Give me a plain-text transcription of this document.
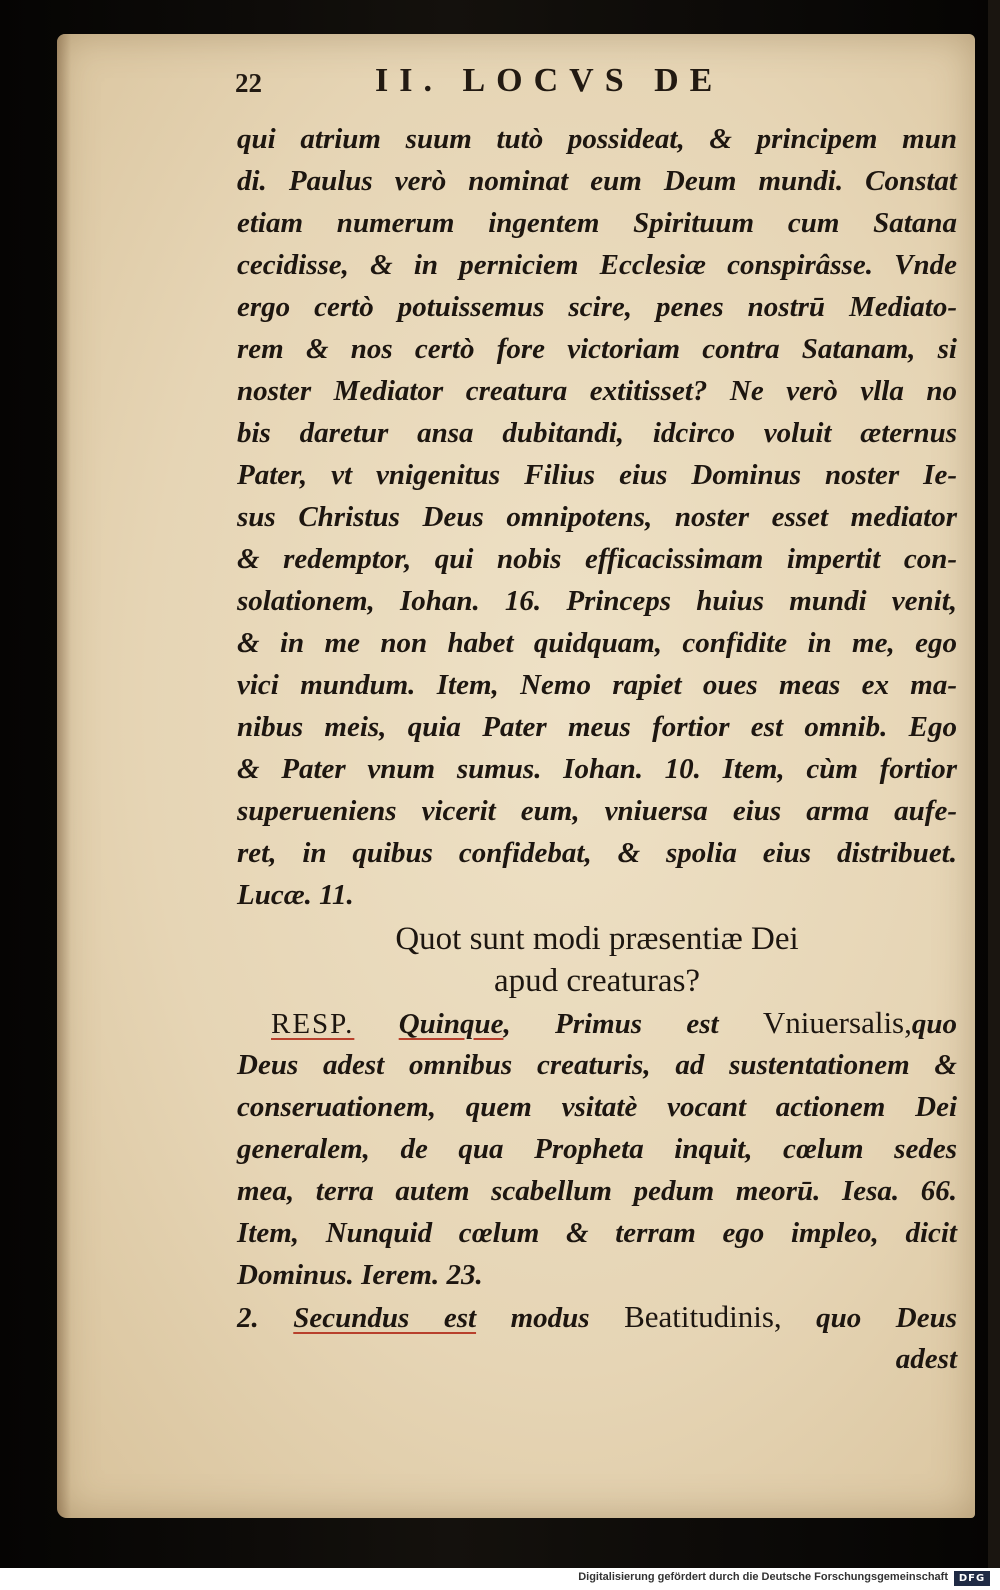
22	II. LOCVS DE
qui atrium suum tutò possideat, & principem mun
di. Paulus verò nominat eum Deum mundi. Constat
etiam numerum ingentem Spirituum cum Satana
cecidisse, & in perniciem Ecclesiæ conspirâsse. Vnde
ergo certò potuissemus scire, penes nostrū Mediato-
rem & nos certò fore victoriam contra Satanam, si
noster Mediator creatura extitisset? Ne verò vlla no
bis daretur ansa dubitandi, idcirco voluit æternus
Pater, vt vnigenitus Filius eius Dominus noster Ie-
sus Christus Deus omnipotens, noster esset mediator
& redemptor, qui nobis efficacissimam impertit con-
solationem, Iohan. 16. Princeps huius mundi venit,
& in me non habet quidquam, confidite in me, ego
vici mundum. Item, Nemo rapiet oues meas ex ma-
nibus meis, quia Pater meus fortior est omnib. Ego
& Pater vnum sumus. Iohan. 10. Item, cùm fortior
superueniens vicerit eum, vniuersa eius arma aufe-
ret, in quibus confidebat, & spolia eius distribuet.
Lucæ. 11.
Quot sunt modi præsentiæ Dei
apud creaturas?
RESP. Quinque, Primus est Vniuersalis,quo
Deus adest omnibus creaturis, ad sustentationem &
conseruationem, quem vsitatè vocant actionem Dei
generalem, de qua Propheta inquit, cœlum sedes
mea, terra autem scabellum pedum meorū. Iesa. 66.
Item, Nunquid cœlum & terram ego impleo, dicit
Dominus. Ierem. 23.
2. Secundus est modus Beatitudinis, quo Deus
adest
Digitalisierung gefördert durch die Deutsche Forschungsgemeinschaft	DFG
